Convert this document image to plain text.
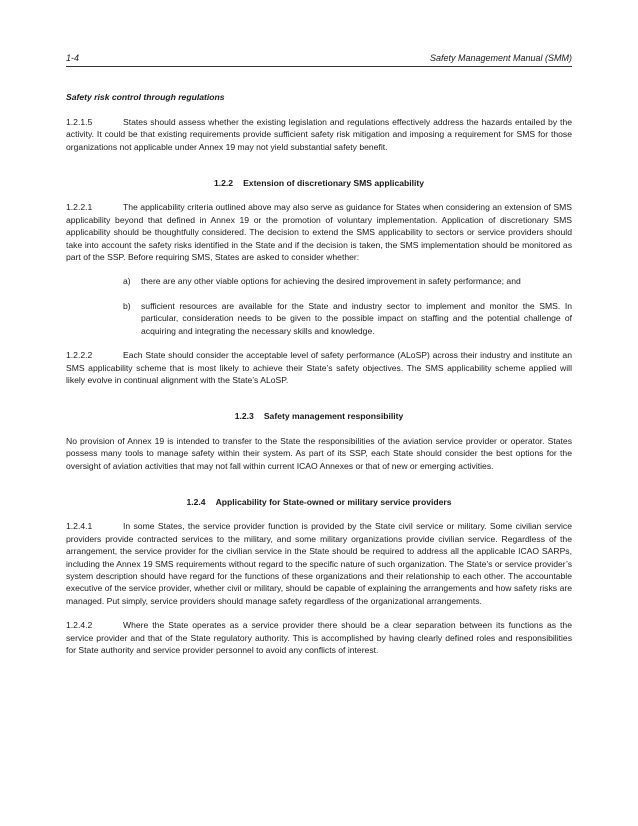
1-4	Safety Management Manual (SMM)
Safety risk control through regulations

1.2.1.5	States should assess whether the existing legislation and regulations effectively address the hazards entailed by the activity. It could be that existing requirements provide sufficient safety risk mitigation and imposing a requirement for SMS for those organizations not applicable under Annex 19 may not yield substantial safety benefit.

1.2.2 Extension of discretionary SMS applicability

1.2.2.1	The applicability criteria outlined above may also serve as guidance for States when considering an extension of SMS applicability beyond that defined in Annex 19 or the promotion of voluntary implementation. Application of discretionary SMS applicability should be thoughtfully considered. The decision to extend the SMS applicability to sectors or service providers should take into account the safety risks identified in the State and if the decision is taken, the SMS implementation should be monitored as part of the SSP. Before requiring SMS, States are asked to consider whether:

a)	there are any other viable options for achieving the desired improvement in safety performance; and
b)	sufficient resources are available for the State and industry sector to implement and monitor the SMS. In particular, consideration needs to be given to the possible impact on staffing and the potential challenge of acquiring and integrating the necessary skills and knowledge.

1.2.2.2	Each State should consider the acceptable level of safety performance (ALoSP) across their industry and institute an SMS applicability scheme that is most likely to achieve their State’s safety objectives. The SMS applicability scheme applied will likely evolve in continual alignment with the State’s ALoSP.

1.2.3 Safety management responsibility

No provision of Annex 19 is intended to transfer to the State the responsibilities of the aviation service provider or operator. States possess many tools to manage safety within their system. As part of its SSP, each State should consider the best options for the oversight of aviation activities that may not fall within current ICAO Annexes or that of new or emerging activities.

1.2.4 Applicability for State-owned or military service providers

1.2.4.1	In some States, the service provider function is provided by the State civil service or military. Some civilian service providers provide contracted services to the military, and some military organizations provide civilian service. Regardless of the arrangement, the service provider for the civilian service in the State should be required to address all the applicable ICAO SARPs, including the Annex 19 SMS requirements without regard to the specific nature of such organization. The State’s or service provider’s system description should have regard for the functions of these organizations and their relationship to each other. The accountable executive of the service provider, whether civil or military, should be capable of explaining the arrangements and how safety risks are managed. Put simply, service providers should manage safety regardless of the organizational arrangements.

1.2.4.2	Where the State operates as a service provider there should be a clear separation between its functions as the service provider and that of the State regulatory authority. This is accomplished by having clearly defined roles and responsibilities for State authority and service provider personnel to avoid any conflicts of interest.
